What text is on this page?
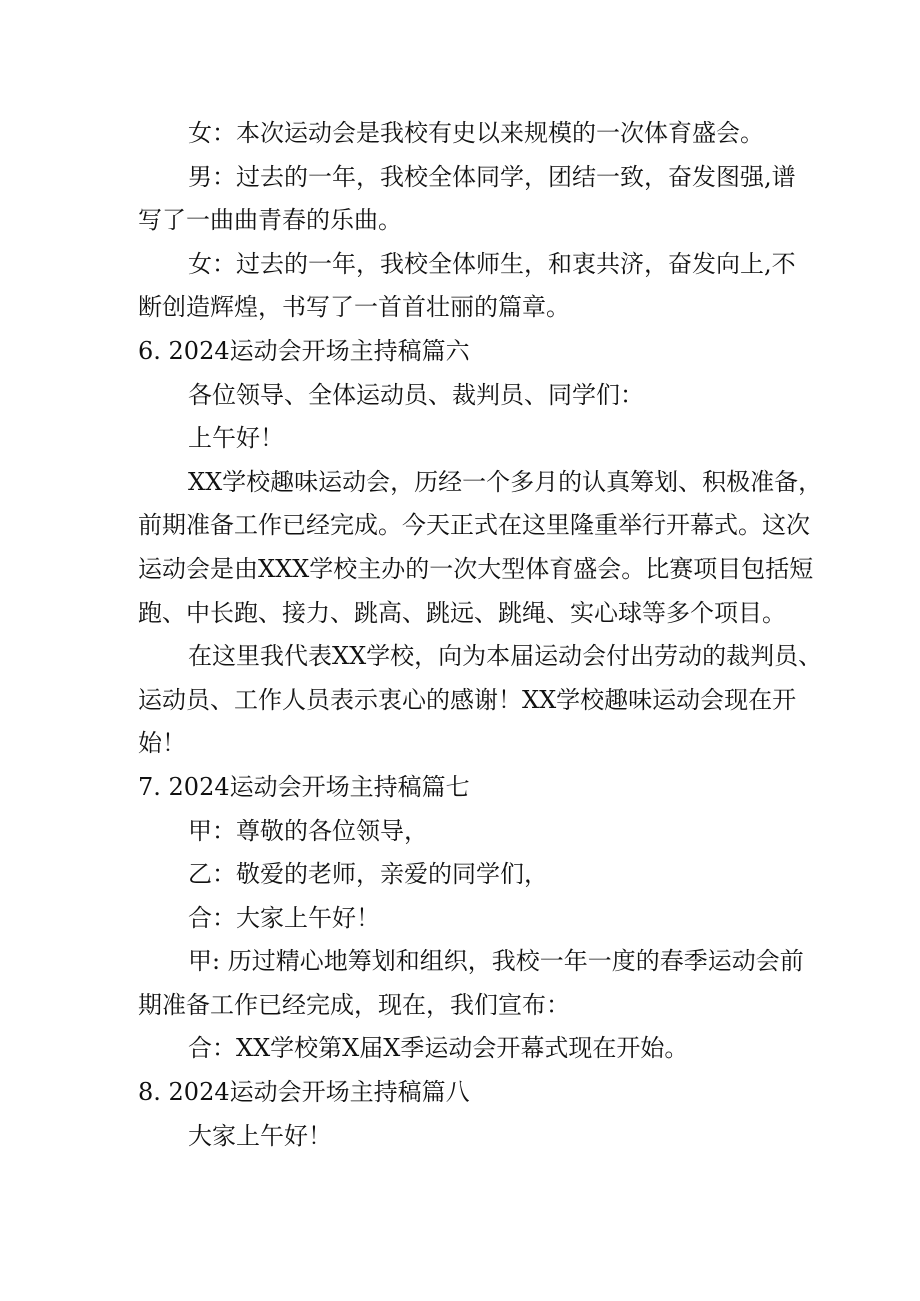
女：本次运动会是我校有史以来规模的一次体育盛会。
男：过去的一年，我校全体同学，团结一致，奋发图强,谱
写了一曲曲青春的乐曲。
女：过去的一年，我校全体师生，和衷共济，奋发向上,不
断创造辉煌，书写了一首首壮丽的篇章。
6. 2024运动会开场主持稿篇六
各位领导、全体运动员、裁判员、同学们：
上午好！
XX学校趣味运动会，历经一个多月的认真筹划、积极准备，
前期准备工作已经完成。今天正式在这里隆重举行开幕式。这次
运动会是由XXX学校主办的一次大型体育盛会。比赛项目包括短
跑、中长跑、接力、跳高、跳远、跳绳、实心球等多个项目。
在这里我代表XX学校，向为本届运动会付出劳动的裁判员、
运动员、工作人员表示衷心的感谢！XX学校趣味运动会现在开
始！
7. 2024运动会开场主持稿篇七
甲：尊敬的各位领导，
乙：敬爱的老师，亲爱的同学们，
合：大家上午好！
甲: 历过精心地筹划和组织，我校一年一度的春季运动会前
期准备工作已经完成，现在，我们宣布：
合：XX学校第X届X季运动会开幕式现在开始。
8. 2024运动会开场主持稿篇八
大家上午好！
